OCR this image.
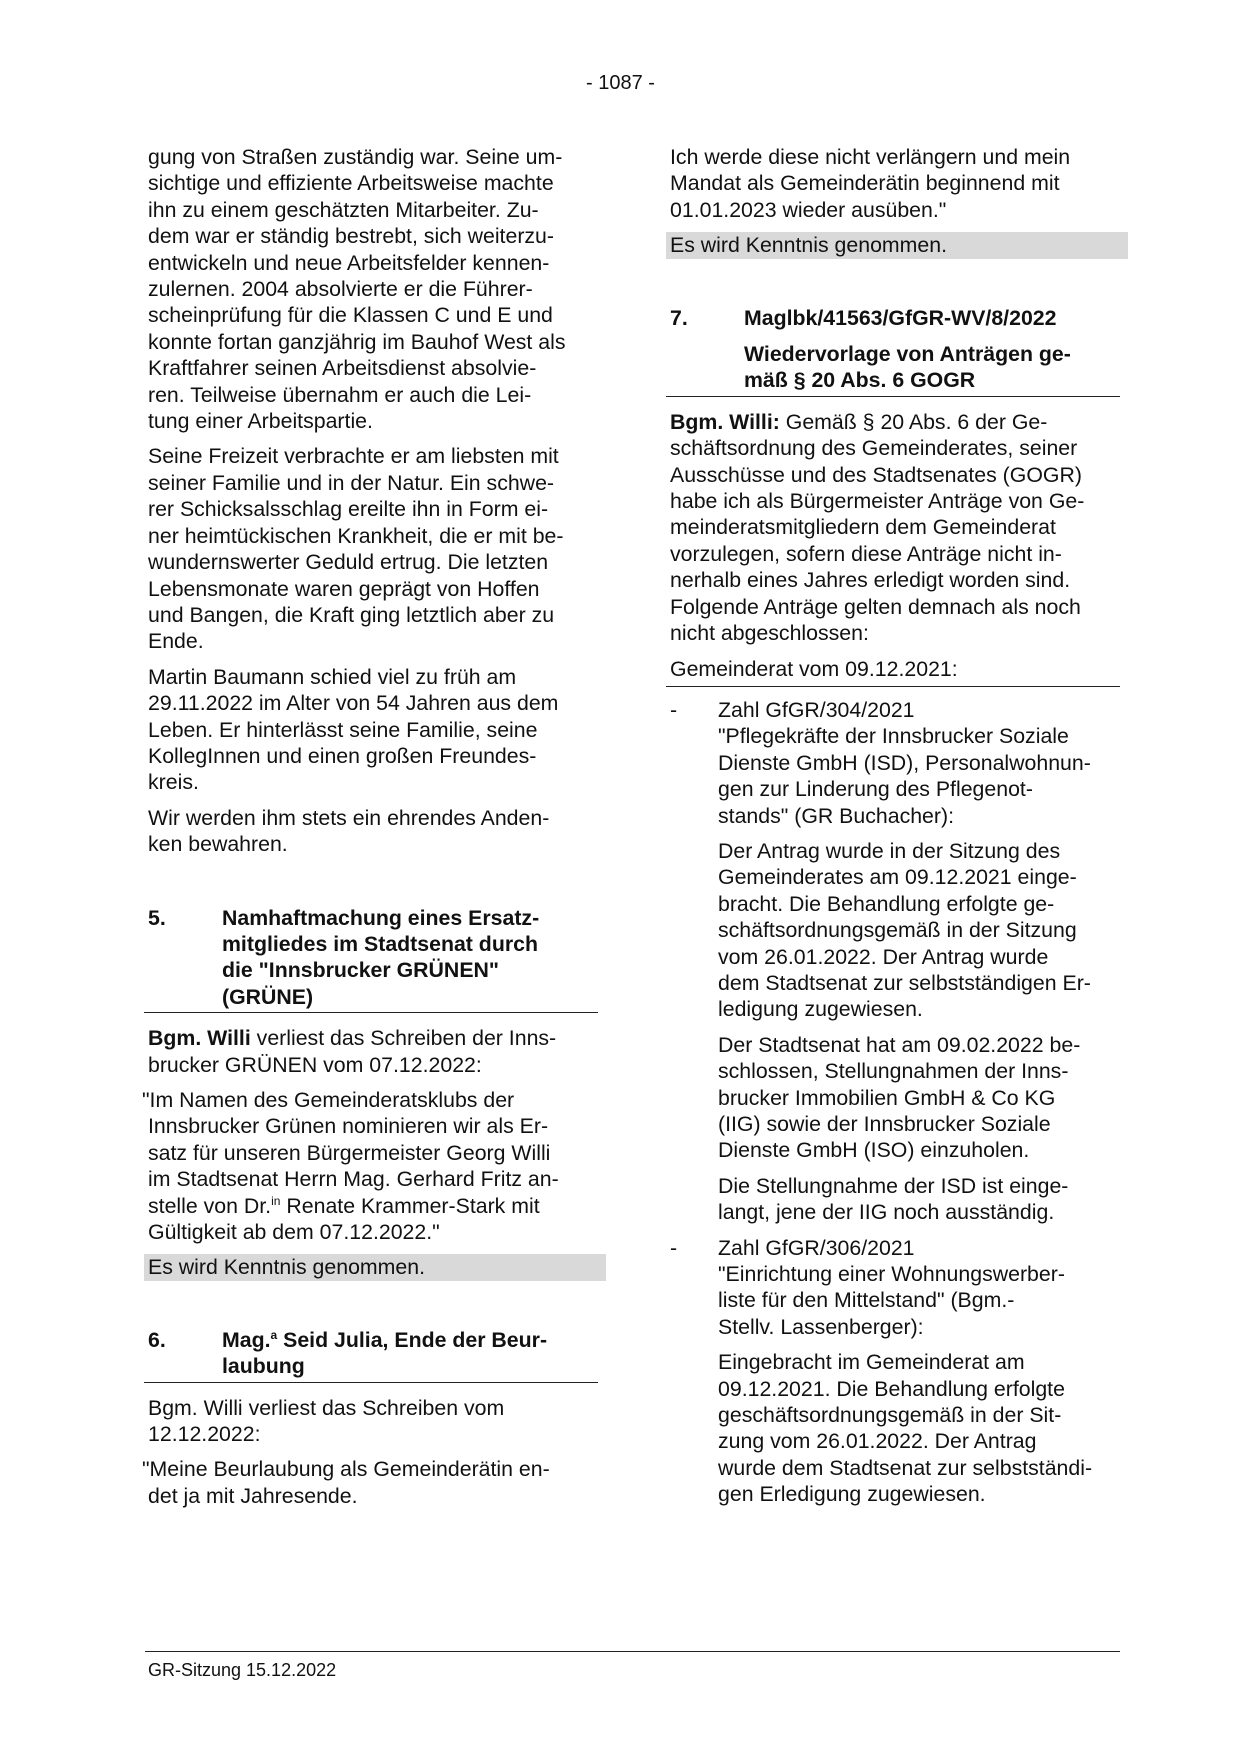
- 1087 -

gung von Straßen zuständig war. Seine um-
sichtige und effiziente Arbeitsweise machte
ihn zu einem geschätzten Mitarbeiter. Zu-
dem war er ständig bestrebt, sich weiterzu-
entwickeln und neue Arbeitsfelder kennen-
zulernen. 2004 absolvierte er die Führer-
scheinprüfung für die Klassen C und E und
konnte fortan ganzjährig im Bauhof West als
Kraftfahrer seinen Arbeitsdienst absolvie-
ren. Teilweise übernahm er auch die Lei-
tung einer Arbeitspartie.

Seine Freizeit verbrachte er am liebsten mit
seiner Familie und in der Natur. Ein schwe-
rer Schicksalsschlag ereilte ihn in Form ei-
ner heimtückischen Krankheit, die er mit be-
wundernswerter Geduld ertrug. Die letzten
Lebensmonate waren geprägt von Hoffen
und Bangen, die Kraft ging letztlich aber zu
Ende.

Martin Baumann schied viel zu früh am
29.11.2022 im Alter von 54 Jahren aus dem
Leben. Er hinterlässt seine Familie, seine
KollegInnen und einen großen Freundes-
kreis.

Wir werden ihm stets ein ehrendes Anden-
ken bewahren.

5.	Namhaftmachung eines Ersatz-
mitgliedes im Stadtsenat durch
die "Innsbrucker GRÜNEN"
(GRÜNE)

Bgm. Willi verliest das Schreiben der Inns-
brucker GRÜNEN vom 07.12.2022:

"Im Namen des Gemeinderatsklubs der
Innsbrucker Grünen nominieren wir als Er-
satz für unseren Bürgermeister Georg Willi
im Stadtsenat Herrn Mag. Gerhard Fritz an-
stelle von Dr.$^{in}$ Renate Krammer-Stark mit
Gültigkeit ab dem 07.12.2022."

Es wird Kenntnis genommen.

6.	Mag.$^a$ Seid Julia, Ende der Beur-
laubung

Bgm. Willi verliest das Schreiben vom
12.12.2022:

"Meine Beurlaubung als Gemeinderätin en-
det ja mit Jahresende.

Ich werde diese nicht verlängern und mein
Mandat als Gemeinderätin beginnend mit
01.01.2023 wieder ausüben."

Es wird Kenntnis genommen.

7.	Maglbk/41563/GfGR-WV/8/2022
Wiedervorlage von Anträgen ge-
mäß § 20 Abs. 6 GOGR

Bgm. Willi: Gemäß § 20 Abs. 6 der Ge-
schäftsordnung des Gemeinderates, seiner
Ausschüsse und des Stadtsenates (GOGR)
habe ich als Bürgermeister Anträge von Ge-
meinderatsmitgliedern dem Gemeinderat
vorzulegen, sofern diese Anträge nicht in-
nerhalb eines Jahres erledigt worden sind.
Folgende Anträge gelten demnach als noch
nicht abgeschlossen:

Gemeinderat vom 09.12.2021:

- Zahl GfGR/304/2021
"Pflegekräfte der Innsbrucker Soziale
Dienste GmbH (ISD), Personalwohnun-
gen zur Linderung des Pflegenot-
stands" (GR Buchacher):

Der Antrag wurde in der Sitzung des
Gemeinderates am 09.12.2021 einge-
bracht. Die Behandlung erfolgte ge-
schäftsordnungsgemäß in der Sitzung
vom 26.01.2022. Der Antrag wurde
dem Stadtsenat zur selbstständigen Er-
ledigung zugewiesen.

Der Stadtsenat hat am 09.02.2022 be-
schlossen, Stellungnahmen der Inns-
brucker Immobilien GmbH & Co KG
(IIG) sowie der Innsbrucker Soziale
Dienste GmbH (ISO) einzuholen.

Die Stellungnahme der ISD ist einge-
langt, jene der IIG noch ausständig.

- Zahl GfGR/306/2021
"Einrichtung einer Wohnungswerber-
liste für den Mittelstand" (Bgm.-
Stellv. Lassenberger):

Eingebracht im Gemeinderat am
09.12.2021. Die Behandlung erfolgte
geschäftsordnungsgemäß in der Sit-
zung vom 26.01.2022. Der Antrag
wurde dem Stadtsenat zur selbstständi-
gen Erledigung zugewiesen.

GR-Sitzung 15.12.2022
